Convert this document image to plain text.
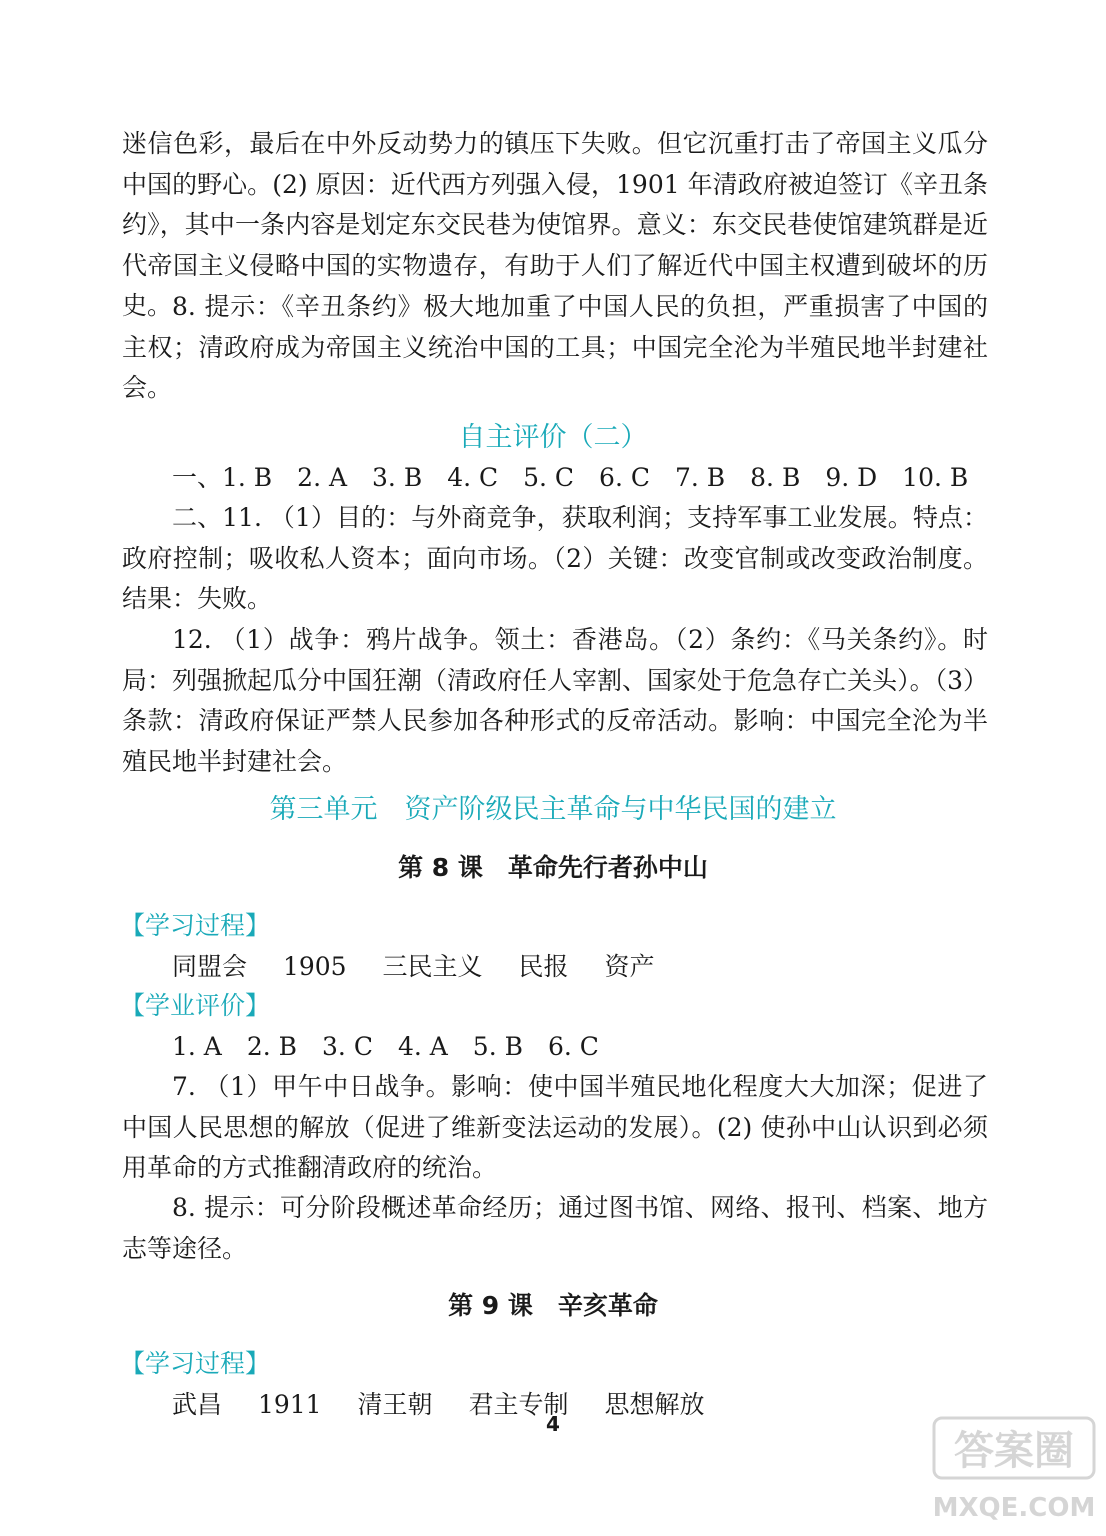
迷信色彩，最后在中外反动势力的镇压下失败。但它沉重打击了帝国主义瓜分中国的野心。(2) 原因：近代西方列强入侵，1901 年清政府被迫签订《辛丑条约》，其中一条内容是划定东交民巷为使馆界。意义：东交民巷使馆建筑群是近代帝国主义侵略中国的实物遗存，有助于人们了解近代中国主权遭到破坏的历史。 8. 提示：《辛丑条约》极大地加重了中国人民的负担，严重损害了中国的主权；清政府成为帝国主义统治中国的工具；中国完全沦为半殖民地半封建社会。

自主评价（二）

一、1. B　2. A　3. B　4. C　5. C　6. C　7. B　8. B　9. D　10. B

二、11. （1）目的：与外商竞争，获取利润；支持军事工业发展。特点：政府控制；吸收私人资本；面向市场。（2）关键：改变官制或改变政治制度。结果：失败。

12. （1）战争：鸦片战争。领土：香港岛。（2）条约：《马关条约》。时局：列强掀起瓜分中国狂潮（清政府任人宰割、国家处于危急存亡关头）。（3）条款：清政府保证严禁人民参加各种形式的反帝活动。影响：中国完全沦为半殖民地半封建社会。

第三单元　资产阶级民主革命与中华民国的建立

第 8 课　革命先行者孙中山

【学习过程】

同盟会 1905 三民主义 民报 资产

【学业评价】

1. A　2. B　3. C　4. A　5. B　6. C

7. （1）甲午中日战争。影响：使中国半殖民地化程度大大加深；促进了中国人民思想的解放（促进了维新变法运动的发展）。(2) 使孙中山认识到必须用革命的方式推翻清政府的统治。

8. 提示：可分阶段概述革命经历；通过图书馆、网络、报刊、档案、地方志等途径。

第 9 课　辛亥革命

【学习过程】

武昌 1911 清王朝 君主专制 思想解放

4

答案圈
MXQE.COM
